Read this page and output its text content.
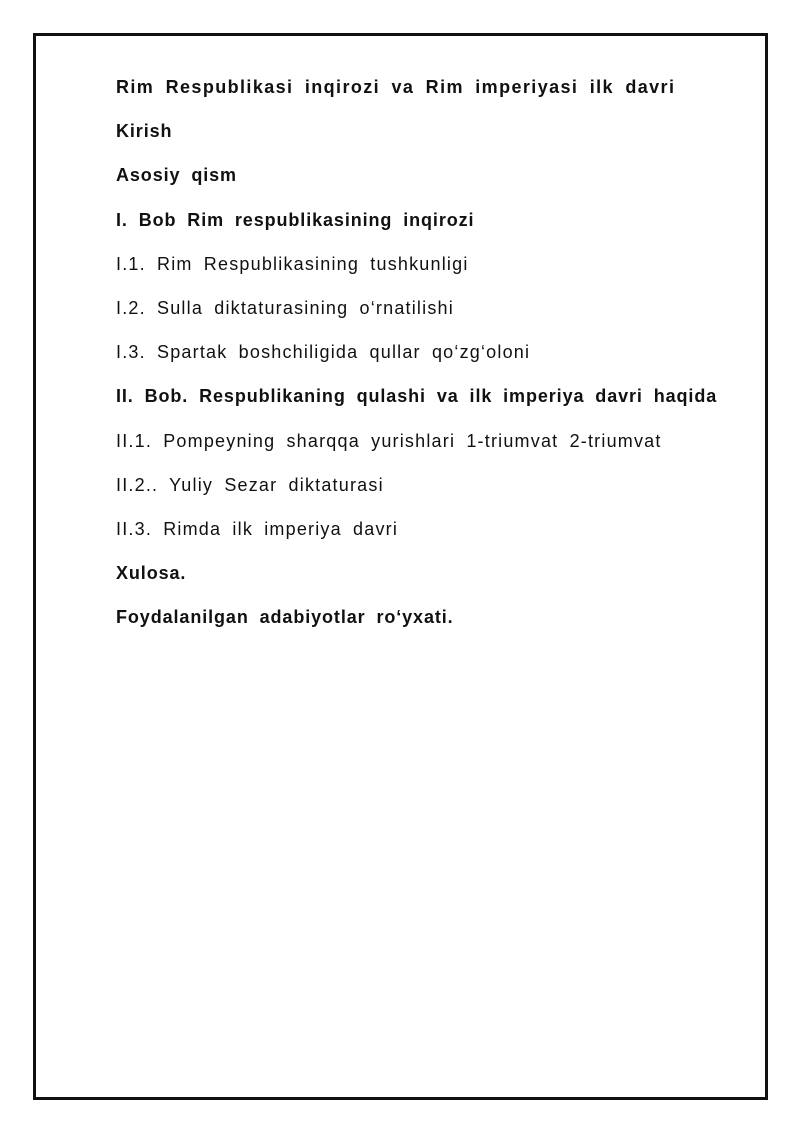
Rim Respublikasi inqirozi va Rim imperiyasi ilk davri
Kirish
Asosiy qism
I. Bob Rim respublikasining inqirozi
I.1. Rim Respublikasining tushkunligi
I.2. Sulla diktaturasining o‘rnatilishi
I.3. Spartak boshchiligida qullar qo‘zg‘oloni
II. Bob. Respublikaning qulashi va ilk imperiya davri haqida
II.1. Pompeyning sharqqa yurishlari 1-triumvat 2-triumvat
II.2.. Yuliy Sezar diktaturasi
II.3. Rimda ilk imperiya davri
Xulosa.
Foydalanilgan adabiyotlar ro‘yxati.
